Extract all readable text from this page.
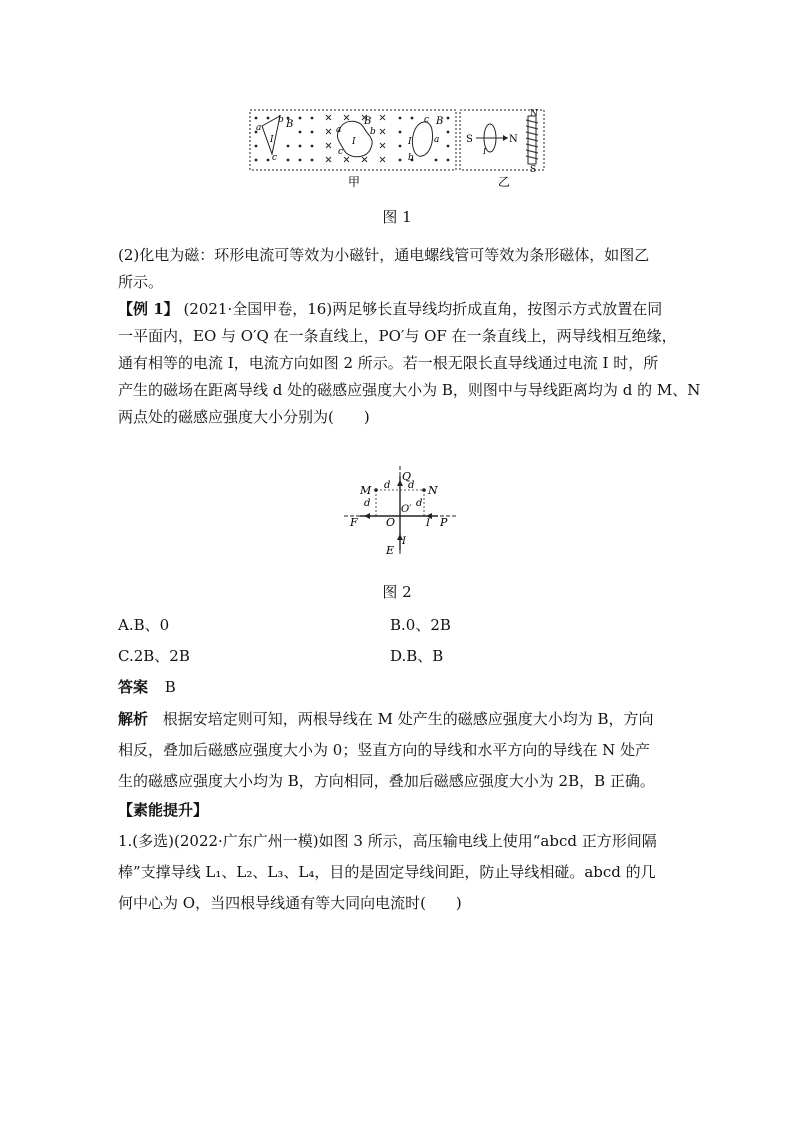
a
b
c
B
I
a	b
c
B
I
c
a
b
B
I	S	N
I
N
S
甲	乙
图 1
(2)化电为磁：环形电流可等效为小磁针，通电螺线管可等效为条形磁体，如图乙
所示。
【例 1】 (2021·全国甲卷，16)两足够长直导线均折成直角，按图示方式放置在同
一平面内，EO 与 O′Q 在一条直线上，PO′与 OF 在一条直线上，两导线相互绝缘，
通有相等的电流 I，电流方向如图 2 所示。若一根无限长直导线通过电流 I 时，所
产生的磁场在距离导线 d 处的磁感应强度大小为 B，则图中与导线距离均为 d 的 M、N
两点处的磁感应强度大小分别为(　　)
M	N
Q
d d
d	d
O′
O
F	P
I
I
E
图 2
A.B、0	B.0、2B
C.2B、2B	D.B、B
答案 B
解析 根据安培定则可知，两根导线在 M 处产生的磁感应强度大小均为 B，方向
相反，叠加后磁感应强度大小为 0；竖直方向的导线和水平方向的导线在 N 处产
生的磁感应强度大小均为 B，方向相同，叠加后磁感应强度大小为 2B，B 正确。
【素能提升】
1.(多选)(2022·广东广州一模)如图 3 所示，高压输电线上使用“abcd 正方形间隔
棒”支撑导线 L₁、L₂、L₃、L₄，目的是固定导线间距，防止导线相碰。abcd 的几
何中心为 O，当四根导线通有等大同向电流时(　　)
